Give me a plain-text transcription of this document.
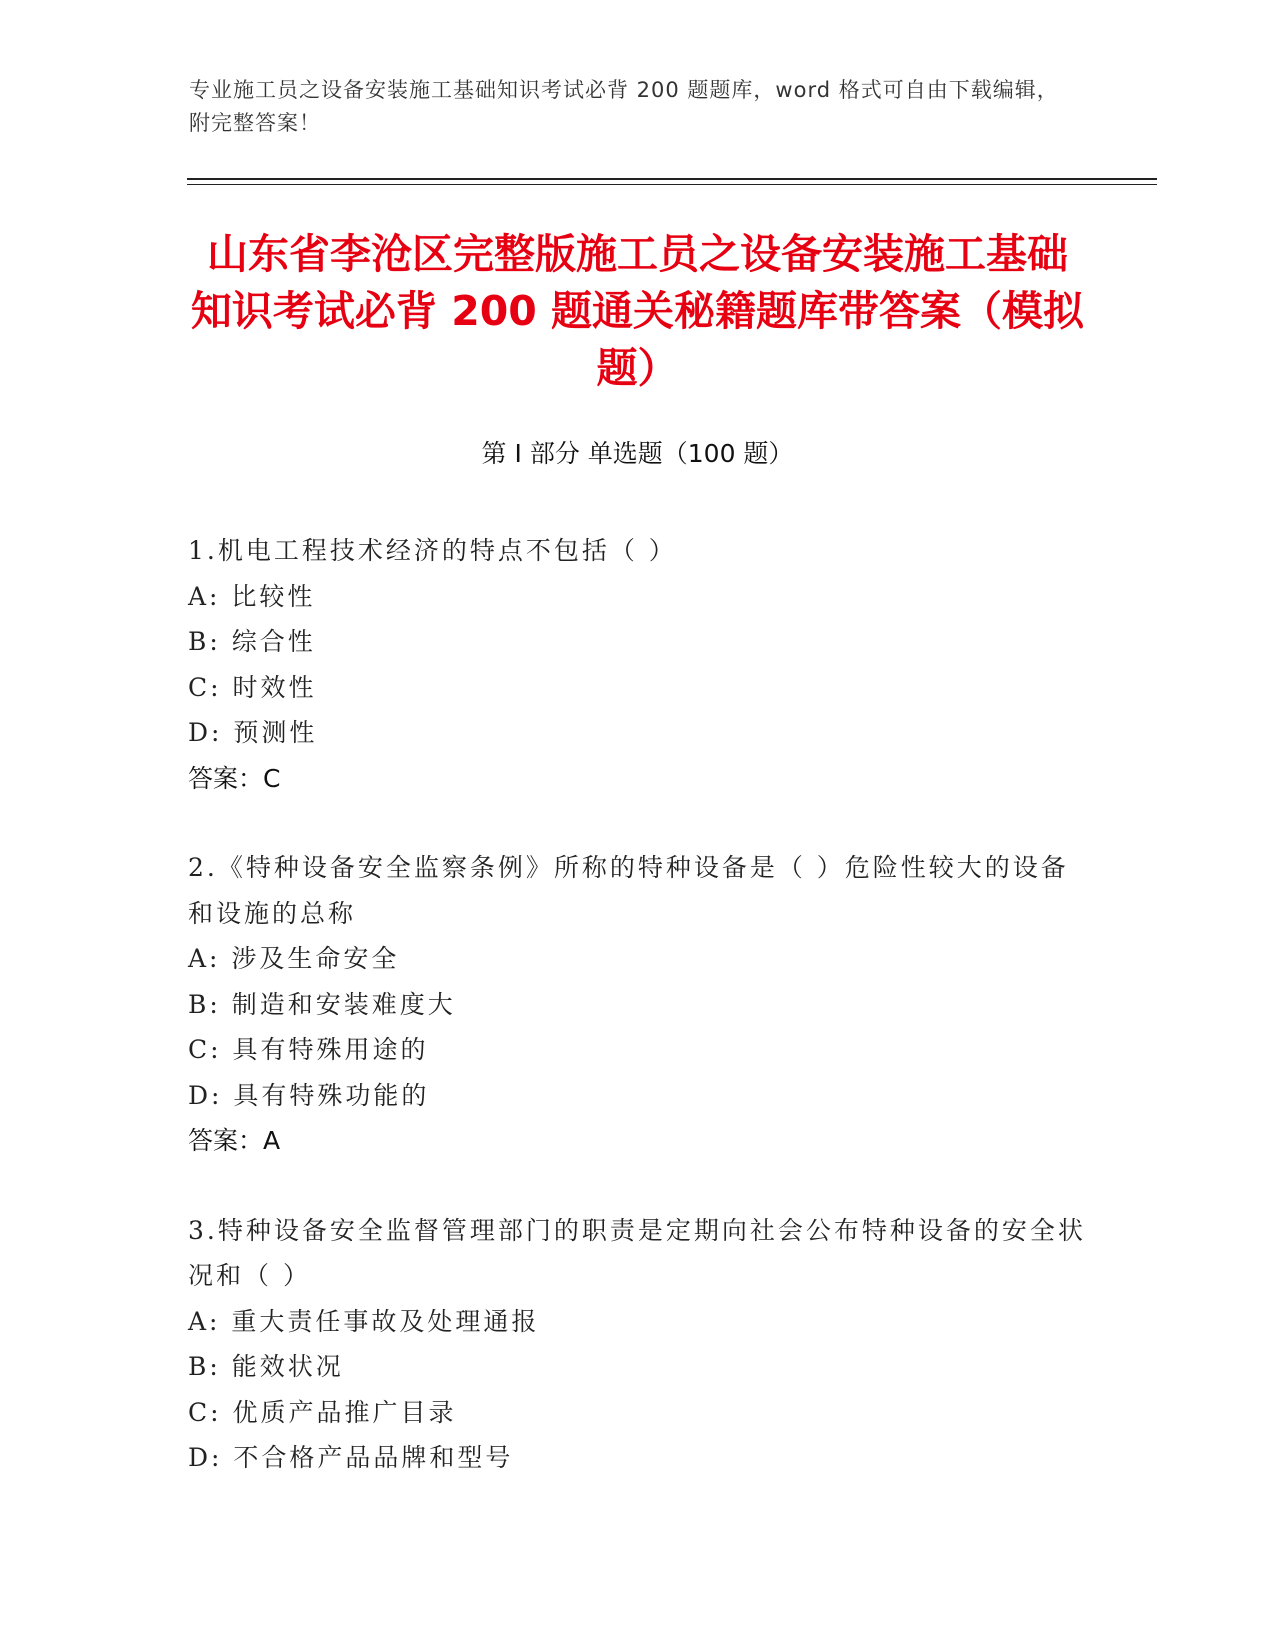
专业施工员之设备安装施工基础知识考试必背 200 题题库，word 格式可自由下载编辑，附完整答案！
山东省李沧区完整版施工员之设备安装施工基础知识考试必背 200 题通关秘籍题库带答案（模拟题）
第 I 部分 单选题（100 题）
1.机电工程技术经济的特点不包括（ ）
A: 比较性
B: 综合性
C: 时效性
D: 预测性
答案：C
2.《特种设备安全监察条例》所称的特种设备是（ ）危险性较大的设备和设施的总称
A: 涉及生命安全
B: 制造和安装难度大
C: 具有特殊用途的
D: 具有特殊功能的
答案：A
3.特种设备安全监督管理部门的职责是定期向社会公布特种设备的安全状况和（ ）
A: 重大责任事故及处理通报
B: 能效状况
C: 优质产品推广目录
D: 不合格产品品牌和型号
